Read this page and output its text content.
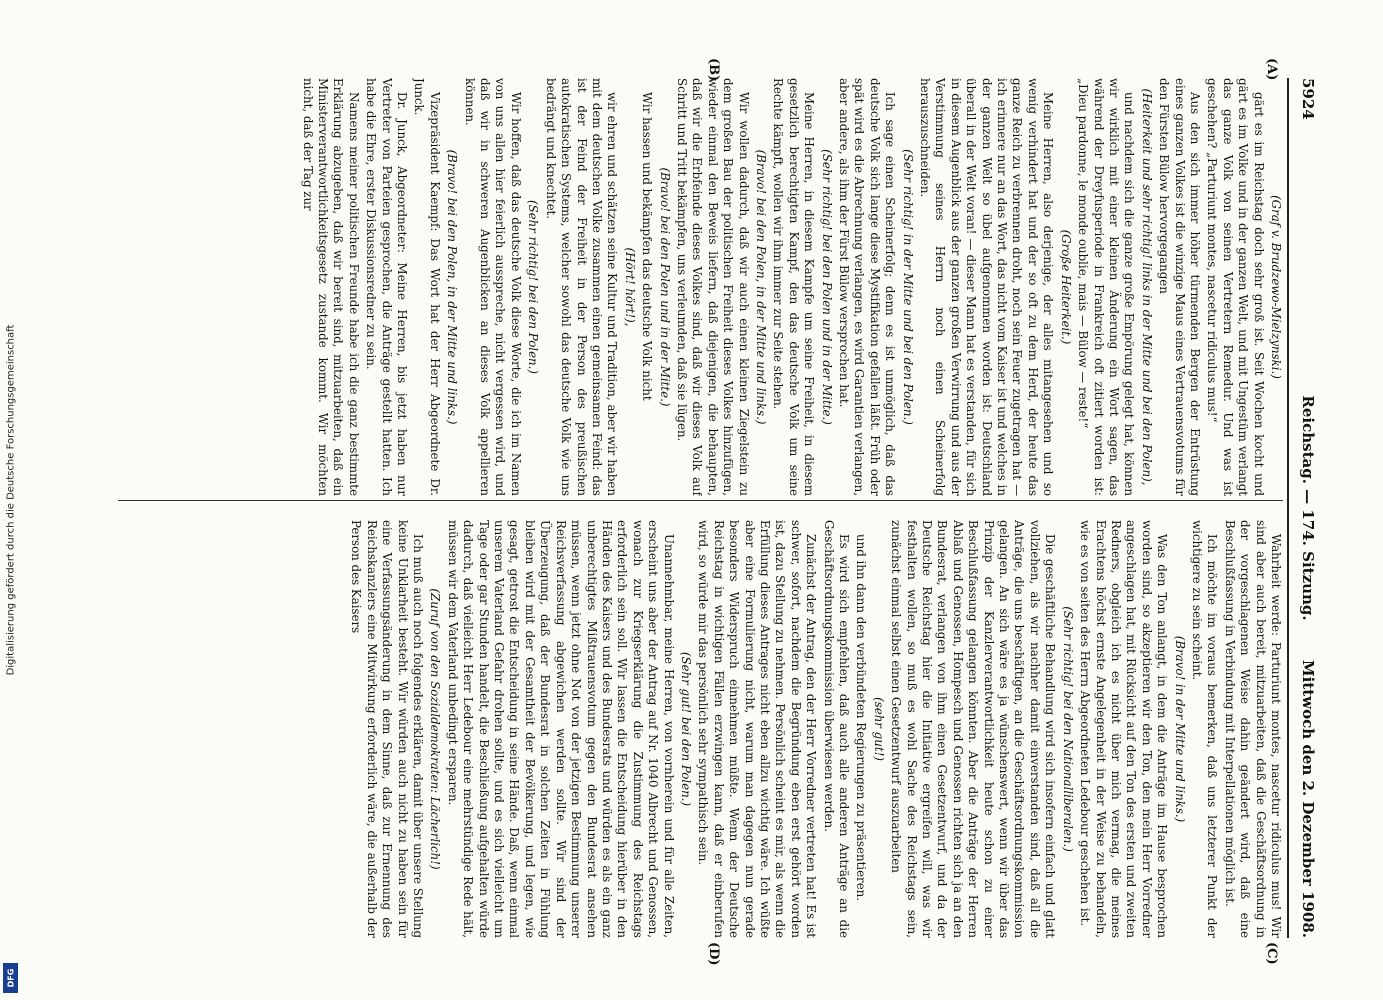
Digitalisierung gefördert durch die Deutsche Forschungsgemeinschaft
DFG
5924
Reichstag. — 174. Sitzung.
Mittwoch den 2. Dezember 1908.
(A)
(B)
(C)
(D)

(Graf v. Brudzewo-Mielzynski.)

gärt es im Reichstag doch sehr groß ist. Seit Wochen kocht und gärt es im Volke und in der ganzen Welt, und mit Ungestüm verlangt das ganze Volk von seinen Vertretern Remedur. Und was ist geschehen? „Parturiunt montes, nascetur ridiculus mus!“

Aus den sich immer höher türmenden Bergen der Entrüstung eines ganzen Volkes ist die winzige Maus eines Vertrauensvotums für den Fürsten Bülow hervorgegangen

(Heiterkeit und sehr richtig! links in der Mitte und bei den Polen),

und nachdem sich die ganze große Empörung gelegt hat, können wir wirklich mit einer kleinen Änderung ein Wort sagen, das während der Dreyfusperiode in Frankreich oft zitiert worden ist: „Dieu pardonne, le monde oublie, mais — Bülow — reste!“

(Große Heiterkeit.)

Meine Herren, also derjenige, der alles mitangesehen und so wenig verhindert hat und der so oft zu dem Herd, der heute das ganze Reich zu verbrennen droht, noch sein Feuer zugetragen hat — ich erinnere nur an das Wort, das nicht vom Kaiser ist und welches in der ganzen Welt so übel aufgenommen worden ist: Deutschland überall in der Welt voran! — dieser Mann hat es verstanden, für sich in diesem Augenblick aus der ganzen großen Verwirrung und aus der Verstimmung seines Herrn noch einen Scheinerfolg herauszuschneiden.

(Sehr richtig! in der Mitte und bei den Polen.)

Ich sage einen Scheinerfolg; denn es ist unmöglich, daß das deutsche Volk sich lange diese Mystifikation gefallen läßt. Früh oder spät wird es die Abrechnung verlangen, es wird Garantien verlangen, aber andere, als ihm der Fürst Bülow versprochen hat.

(Sehr richtig! bei den Polen und in der Mitte.)

Meine Herren, in diesem Kampfe um seine Freiheit, in diesem gesetzlich berechtigten Kampf, den das deutsche Volk um seine Rechte kämpft, wollen wir ihm immer zur Seite stehen.

(Bravo! bei den Polen, in der Mitte und links.)

Wir wollen dadurch, daß wir auch einen kleinen Ziegelstein zu dem großen Bau der politischen Freiheit dieses Volkes hinzufügen, wieder einmal den Beweis liefern, daß diejenigen, die behaupten, daß wir die Erbfeinde dieses Volkes sind, daß wir dieses Volk auf Schritt und Tritt bekämpfen, uns verleumden, daß sie lügen.

(Bravo! bei den Polen und in der Mitte.)

Wir hassen und bekämpfen das deutsche Volk nicht

(Hört! hört!),

wir ehren und schätzen seine Kultur und Tradition, aber wir haben mit dem deutschen Volke zusammen einen gemeinsamen Feind: das ist der Feind der Freiheit in der Person des preußischen autokratischen Systems, welcher sowohl das deutsche Volk wie uns bedrängt und knechtet.

(Sehr richtig! bei den Polen.)

Wir hoffen, daß das deutsche Volk diese Worte, die ich im Namen von uns allen hier feierlich ausspreche, nicht vergessen wird, und daß wir in schweren Augenblicken an dieses Volk appellieren können.

(Bravo! bei den Polen, in der Mitte und links.)

Vizepräsident Kaempf: Das Wort hat der Herr Abgeordnete Dr. Junck.

Dr. Junck, Abgeordneter: Meine Herren, bis jetzt haben nur Vertreter von Parteien gesprochen, die Anträge gestellt hatten. Ich habe die Ehre, erster Diskussionsredner zu sein.

Namens meiner politischen Freunde habe ich die ganz bestimmte Erklärung abzugeben, daß wir bereit sind, mitzuarbeiten, daß ein Ministerverantwortlichkeitsgesetz zustande kommt. Wir möchten nicht, daß der Tag zur

Wahrheit werde: Parturiunt montes, nascetur ridiculus mus! Wir sind aber auch bereit, mitzuarbeiten, daß die Geschäftsordnung in der vorgeschlagenen Weise dahin geändert wird, daß eine Beschlußfassung in Verbindung mit Interpellationen möglich ist.

Ich möchte im voraus bemerken, daß uns letzterer Punkt der wichtigere zu sein scheint.

(Bravo! in der Mitte und links.)

Was den Ton anlangt, in dem die Anträge im Hause besprochen worden sind, so akzeptieren wir den Ton, den mein Herr Vorredner angeschlagen hat, mit Rücksicht auf den Ton des ersten und zweiten Redners, obgleich ich es nicht über mich vermag, die meines Erachtens höchst ernste Angelegenheit in der Weise zu behandeln, wie es von seiten des Herrn Abgeordneten Ledebour geschehen ist.

(Sehr richtig! bei den Nationalliberalen.)

Die geschäftliche Behandlung wird sich insofern einfach und glatt vollziehen, als wir nachher damit einverstanden sind, daß all die Anträge, die uns beschäftigen, an die Geschäftsordnungskommission gelangen. An sich wäre es ja wünschenswert, wenn wir über das Prinzip der Kanzlerverantwortlichkeit heute schon zu einer Beschlußfassung gelangen könnten. Aber die Anträge der Herren Ablaß und Genossen, Hompesch und Genossen richten sich ja an den Bundesrat, verlangen von ihm einen Gesetzentwurf, und da der Deutsche Reichstag hier die Initiative ergreifen will, was wir festhalten wollen, so muß es wohl Sache des Reichstags sein, zunächst einmal selbst einen Gesetzentwurf auszuarbeiten

(sehr gut!)

und ihn dann den verbündeten Regierungen zu präsentieren.

Es wird sich empfehlen, daß auch alle anderen Anträge an die Geschäftsordnungskommission überwiesen werden.

Zunächst der Antrag, den der Herr Vorredner vertreten hat! Es ist schwer, sofort, nachdem die Begründung eben erst gehört worden ist, dazu Stellung zu nehmen. Persönlich scheint es mir, als wenn die Erfüllung dieses Antrages nicht eben allzu wichtig wäre. Ich wüßte aber eine Formulierung nicht, warum man dagegen nun gerade besonders Widerspruch einnehmen müßte. Wenn der Deutsche Reichstag in wichtigen Fällen erzwingen kann, daß er einberufen wird, so würde mir das persönlich sehr sympathisch sein.

(Sehr gut! bei den Polen.)

Unannehmbar, meine Herren, von vornherein und für alle Zeiten, erscheint uns aber der Antrag auf Nr. 1040 Albrecht und Genossen, wonach zur Kriegserklärung die Zustimmung des Reichstags erforderlich sein soll. Wir lassen die Entscheidung hierüber in den Händen des Kaisers und des Bundesrats und würden es als ein ganz unberechtigtes Mißtrauensvotum gegen den Bundesrat ansehen müssen, wenn jetzt ohne Not von der jetzigen Bestimmung unserer Reichsverfassung abgewichen werden sollte. Wir sind der Überzeugung, daß der Bundesrat in solchen Zeiten in Fühlung bleiben wird mit der Gesamtheit der Bevölkerung, und legen, wie gesagt, getrost die Entscheidung in seine Hände. Daß, wenn einmal unserem Vaterland Gefahr drohen sollte, und es sich vielleicht um Tage oder gar Stunden handelt, die Beschließung aufgehalten würde dadurch, daß vielleicht Herr Ledebour eine mehrstündige Rede hält, müssen wir dem Vaterland unbedingt ersparen.

(Zuruf von den Sozialdemokraten: Lächerlich!)

Ich muß auch noch folgendes erklären, damit über unsere Stellung keine Unklarheit besteht. Wir würden auch nicht zu haben sein für eine Verfassungsänderung in dem Sinne, daß zur Ernennung des Reichskanzlers eine Mitwirkung erforderlich wäre, die außerhalb der Person des Kaisers
